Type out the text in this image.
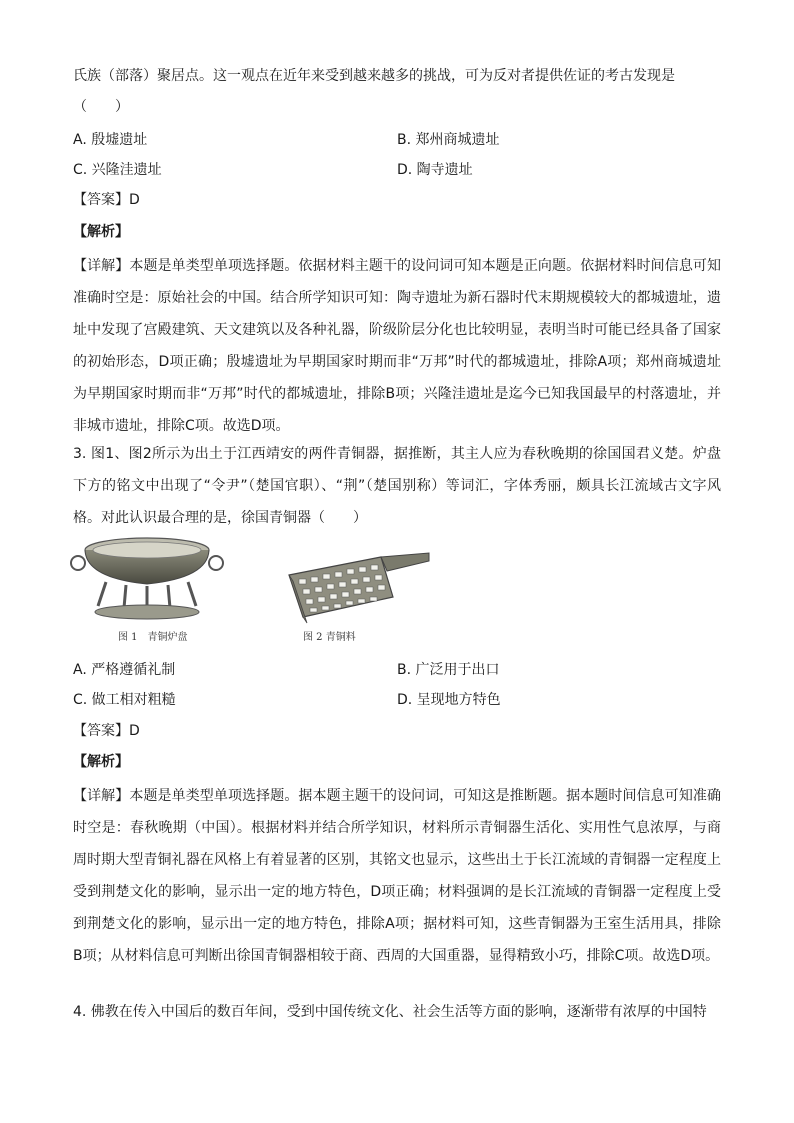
氏族（部落）聚居点。这一观点在近年来受到越来越多的挑战，可为反对者提供佐证的考古发现是
（　　）
A. 殷墟遗址	B. 郑州商城遗址
C. 兴隆洼遗址	D. 陶寺遗址
【答案】D
【解析】
【详解】本题是单类型单项选择题。依据材料主题干的设问词可知本题是正向题。依据材料时间信息可知准确时空是：原始社会的中国。结合所学知识可知：陶寺遗址为新石器时代末期规模较大的都城遗址，遗址中发现了宫殿建筑、天文建筑以及各种礼器，阶级阶层分化也比较明显，表明当时可能已经具备了国家的初始形态，D项正确；殷墟遗址为早期国家时期而非“万邦”时代的都城遗址，排除A项；郑州商城遗址为早期国家时期而非“万邦”时代的都城遗址，排除B项；兴隆洼遗址是迄今已知我国最早的村落遗址，并非城市遗址，排除C项。故选D项。
3. 图1、图2所示为出土于江西靖安的两件青铜器，据推断，其主人应为春秋晚期的徐国国君义楚。炉盘下方的铭文中出现了“令尹”（楚国官职）、“荆”（楚国别称）等词汇，字体秀丽，颇具长江流域古文字风格。对此认识最合理的是，徐国青铜器（　　）
图 1　青铜炉盘	图 2 青铜料
A. 严格遵循礼制	B. 广泛用于出口
C. 做工相对粗糙	D. 呈现地方特色
【答案】D
【解析】
【详解】本题是单类型单项选择题。据本题主题干的设问词，可知这是推断题。据本题时间信息可知准确时空是：春秋晚期（中国）。根据材料并结合所学知识，材料所示青铜器生活化、实用性气息浓厚，与商周时期大型青铜礼器在风格上有着显著的区别，其铭文也显示，这些出土于长江流域的青铜器一定程度上受到荆楚文化的影响，显示出一定的地方特色，D项正确；材料强调的是长江流域的青铜器一定程度上受到荆楚文化的影响，显示出一定的地方特色，排除A项；据材料可知，这些青铜器为王室生活用具，排除B项；从材料信息可判断出徐国青铜器相较于商、西周的大国重器，显得精致小巧，排除C项。故选D项。
4. 佛教在传入中国后的数百年间，受到中国传统文化、社会生活等方面的影响，逐渐带有浓厚的中国特
